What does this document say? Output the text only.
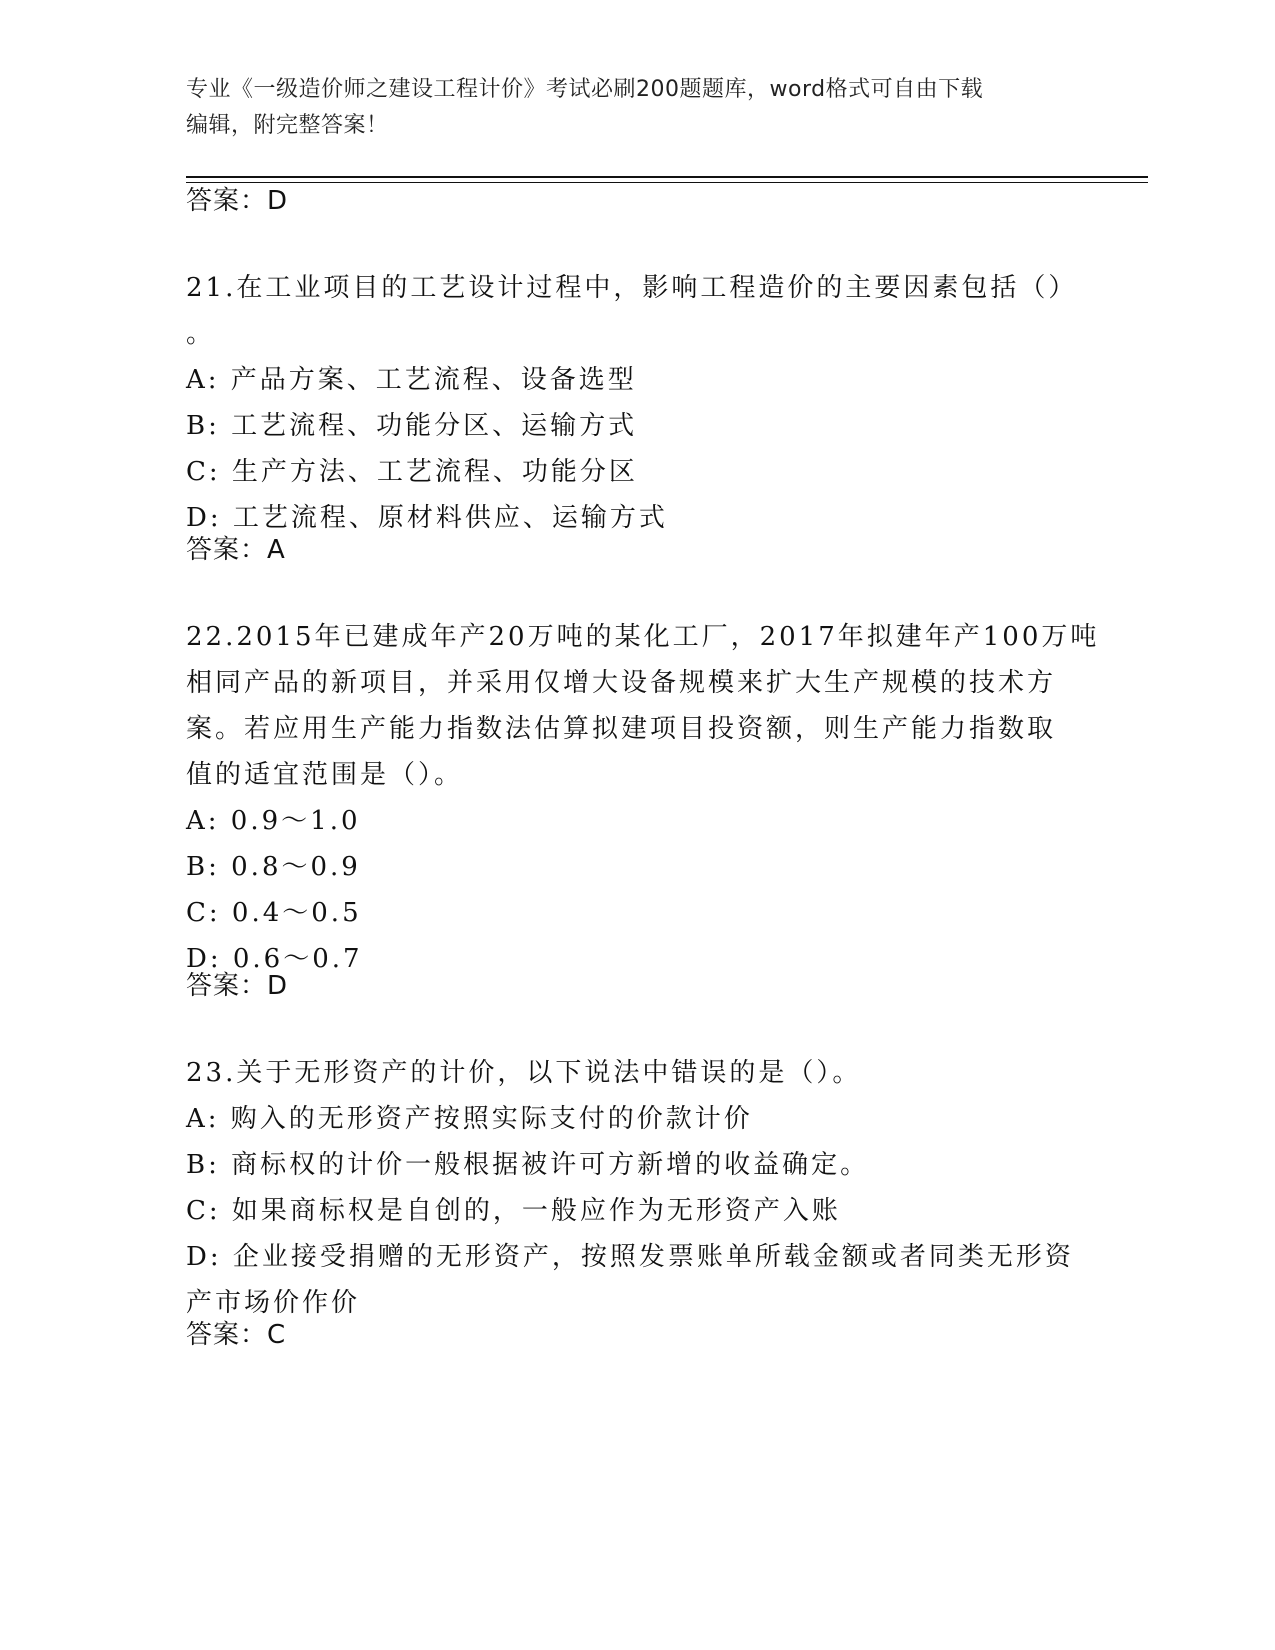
专业《一级造价师之建设工程计价》考试必刷200题题库，word格式可自由下载
编辑，附完整答案！
答案：D
21.在工业项目的工艺设计过程中，影响工程造价的主要因素包括（）
。
A: 产品方案、工艺流程、设备选型
B: 工艺流程、功能分区、运输方式
C: 生产方法、工艺流程、功能分区
D: 工艺流程、原材料供应、运输方式
答案：A
22.2015年已建成年产20万吨的某化工厂，2017年拟建年产100万吨
相同产品的新项目，并采用仅增大设备规模来扩大生产规模的技术方
案。若应用生产能力指数法估算拟建项目投资额，则生产能力指数取
值的适宜范围是（）。
A: 0.9～1.0
B: 0.8～0.9
C: 0.4～0.5
D: 0.6～0.7
答案：D
23.关于无形资产的计价，以下说法中错误的是（）。
A: 购入的无形资产按照实际支付的价款计价
B: 商标权的计价一般根据被许可方新增的收益确定。
C: 如果商标权是自创的，一般应作为无形资产入账
D: 企业接受捐赠的无形资产，按照发票账单所载金额或者同类无形资
产市场价作价
答案：C
